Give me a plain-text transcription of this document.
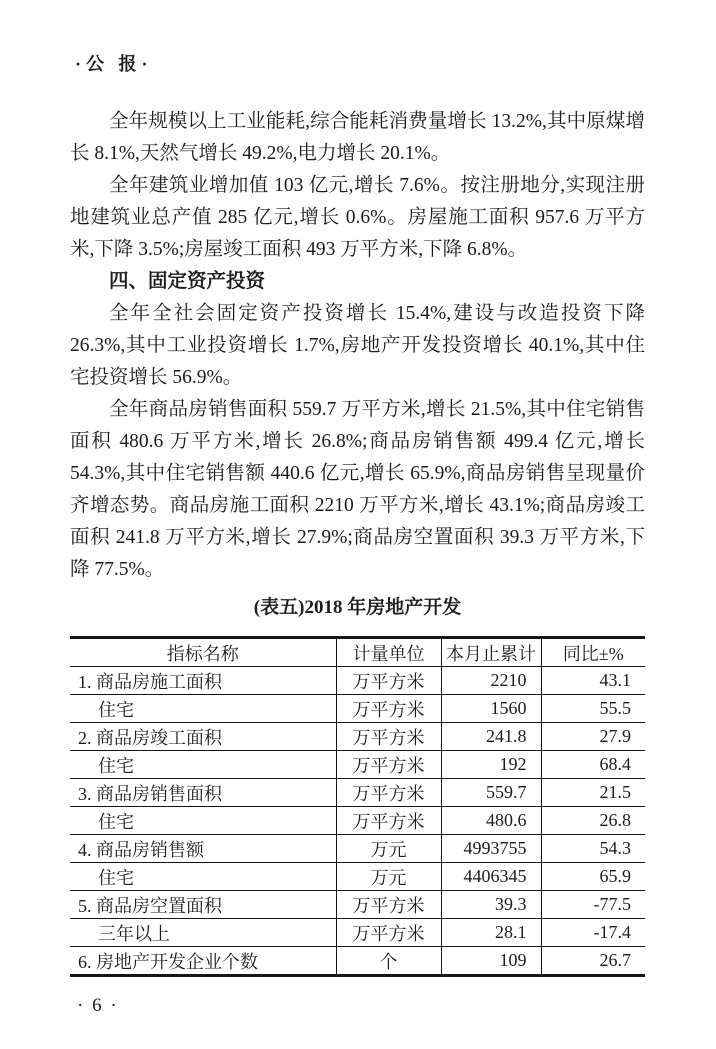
·公 报·

全年规模以上工业能耗,综合能耗消费量增长 13.2%,其中原煤增长 8.1%,天然气增长 49.2%,电力增长 20.1%。

全年建筑业增加值 103 亿元,增长 7.6%。按注册地分,实现注册地建筑业总产值 285 亿元,增长 0.6%。房屋施工面积 957.6 万平方米,下降 3.5%;房屋竣工面积 493 万平方米,下降 6.8%。

四、固定资产投资

全年全社会固定资产投资增长 15.4%,建设与改造投资下降 26.3%,其中工业投资增长 1.7%,房地产开发投资增长 40.1%,其中住宅投资增长 56.9%。

全年商品房销售面积 559.7 万平方米,增长 21.5%,其中住宅销售面积 480.6 万平方米,增长 26.8%;商品房销售额 499.4 亿元,增长 54.3%,其中住宅销售额 440.6 亿元,增长 65.9%,商品房销售呈现量价齐增态势。商品房施工面积 2210 万平方米,增长 43.1%;商品房竣工面积 241.8 万平方米,增长 27.9%;商品房空置面积 39.3 万平方米,下降 77.5%。

(表五)2018 年房地产开发
指标名称	计量单位	本月止累计	同比±%
1. 商品房施工面积	万平方米	2210	43.1
住宅	万平方米	1560	55.5
2. 商品房竣工面积	万平方米	241.8	27.9
住宅	万平方米	192	68.4
3. 商品房销售面积	万平方米	559.7	21.5
住宅	万平方米	480.6	26.8
4. 商品房销售额	万元	4993755	54.3
住宅	万元	4406345	65.9
5. 商品房空置面积	万平方米	39.3	-77.5
三年以上	万平方米	28.1	-17.4
6. 房地产开发企业个数	个	109	26.7
· 6 ·
